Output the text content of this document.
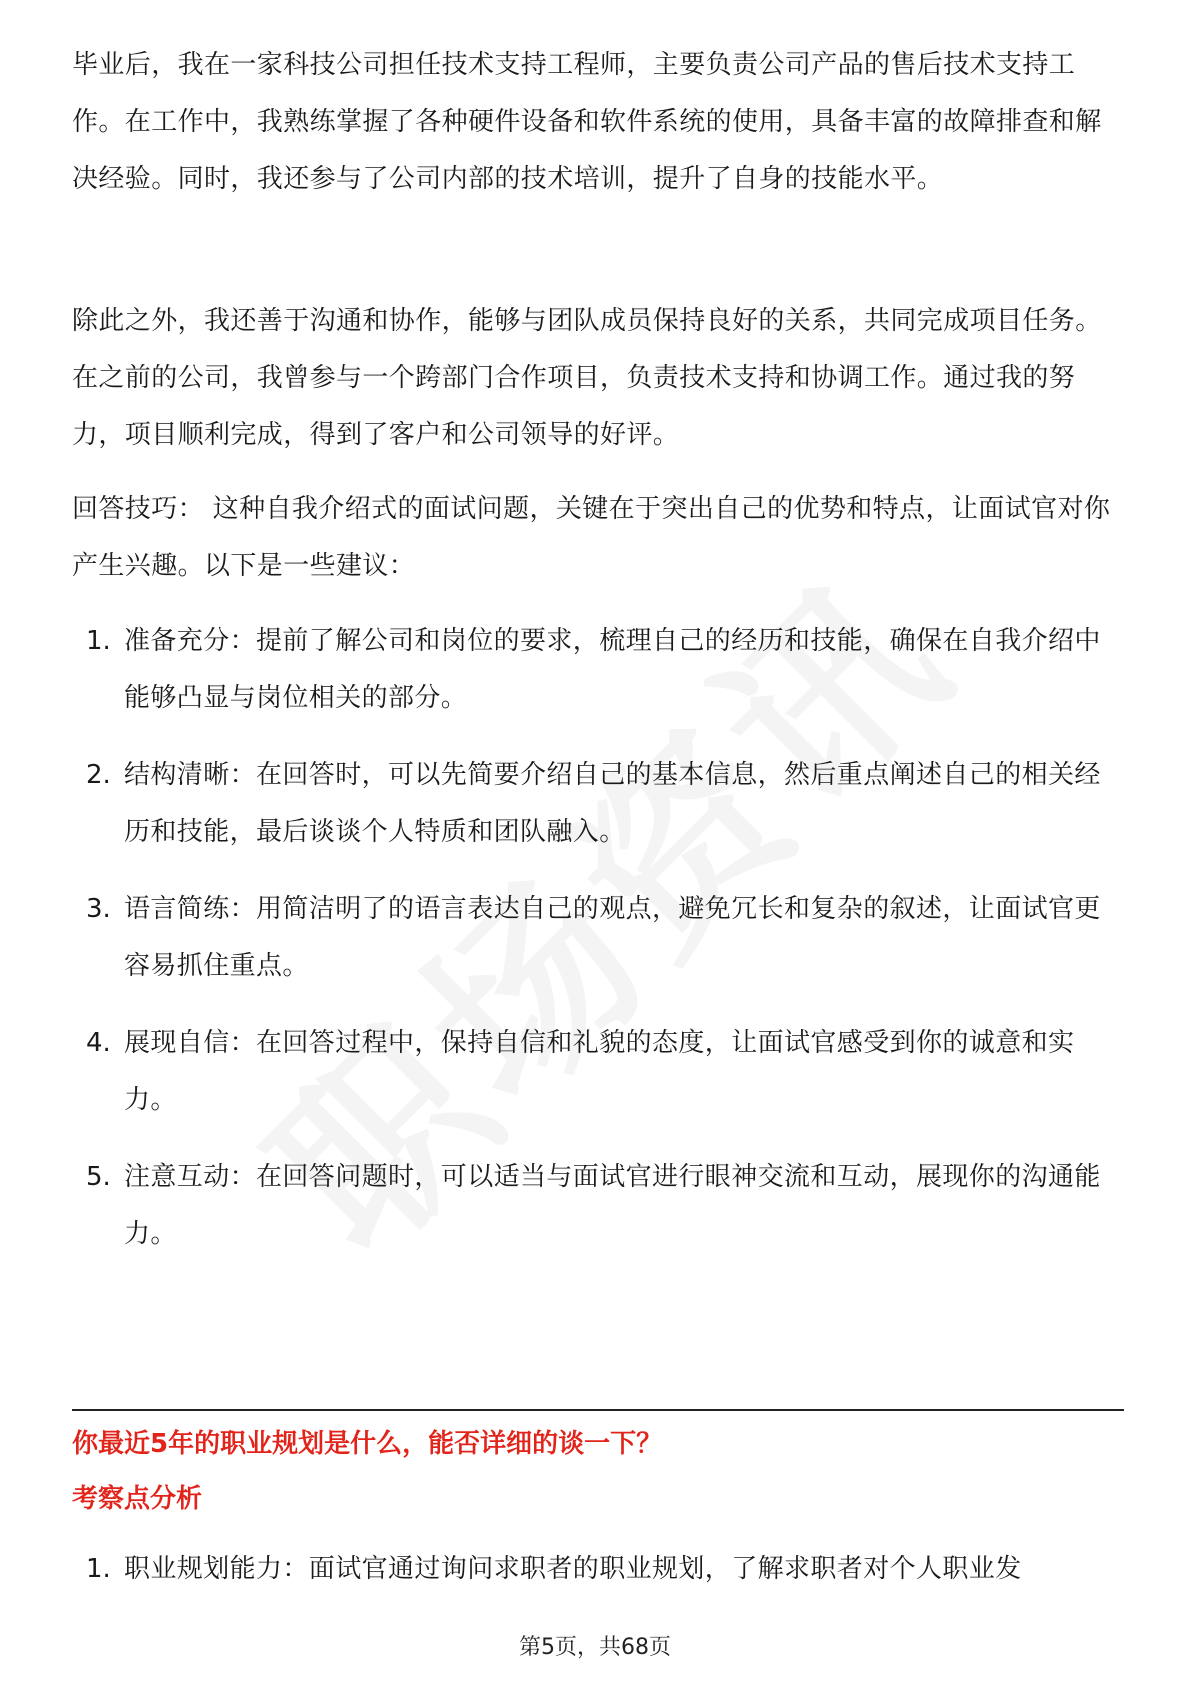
毕业后，我在一家科技公司担任技术支持工程师，主要负责公司产品的售后技术支持工作。在工作中，我熟练掌握了各种硬件设备和软件系统的使用，具备丰富的故障排查和解决经验。同时，我还参与了公司内部的技术培训，提升了自身的技能水平。

除此之外，我还善于沟通和协作，能够与团队成员保持良好的关系，共同完成项目任务。在之前的公司，我曾参与一个跨部门合作项目，负责技术支持和协调工作。通过我的努力，项目顺利完成，得到了客户和公司领导的好评。

回答技巧： 这种自我介绍式的面试问题，关键在于突出自己的优势和特点，让面试官对你产生兴趣。以下是一些建议：

1. 准备充分：提前了解公司和岗位的要求，梳理自己的经历和技能，确保在自我介绍中能够凸显与岗位相关的部分。
2. 结构清晰：在回答时，可以先简要介绍自己的基本信息，然后重点阐述自己的相关经历和技能，最后谈谈个人特质和团队融入。
3. 语言简练：用简洁明了的语言表达自己的观点，避免冗长和复杂的叙述，让面试官更容易抓住重点。
4. 展现自信：在回答过程中，保持自信和礼貌的态度，让面试官感受到你的诚意和实力。
5. 注意互动：在回答问题时，可以适当与面试官进行眼神交流和互动，展现你的沟通能力。
你最近5年的职业规划是什么，能否详细的谈一下？
考察点分析
1. 职业规划能力：面试官通过询问求职者的职业规划，了解求职者对个人职业发
第5页，共68页
